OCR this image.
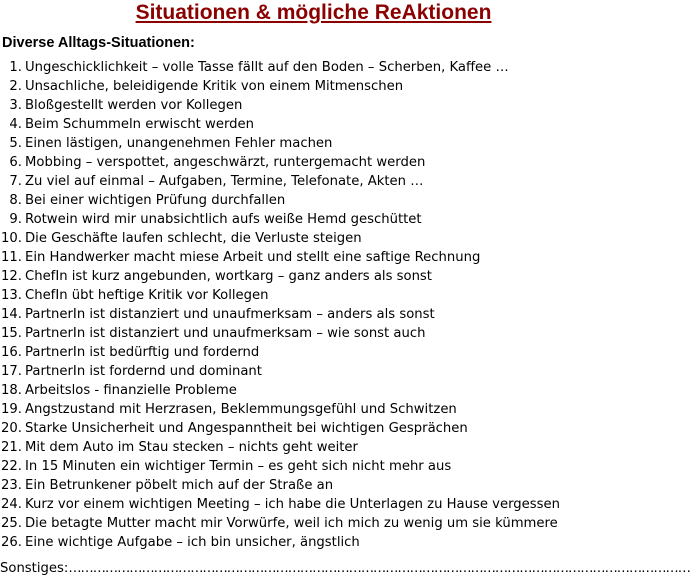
Situationen & mögliche ReAktionen
Diverse Alltags-Situationen:
1. Ungeschicklichkeit – volle Tasse fällt auf den Boden – Scherben, Kaffee …
2. Unsachliche, beleidigende Kritik von einem Mitmenschen
3. Bloßgestellt werden vor Kollegen
4. Beim Schummeln erwischt werden
5. Einen lästigen, unangenehmen Fehler machen
6. Mobbing – verspottet, angeschwärzt, runtergemacht werden
7. Zu viel auf einmal – Aufgaben, Termine, Telefonate, Akten …
8. Bei einer wichtigen Prüfung durchfallen
9. Rotwein wird mir unabsichtlich aufs weiße Hemd geschüttet
10. Die Geschäfte laufen schlecht, die Verluste steigen
11. Ein Handwerker macht miese Arbeit und stellt eine saftige Rechnung
12. ChefIn ist kurz angebunden, wortkarg – ganz anders als sonst
13. ChefIn übt heftige Kritik vor Kollegen
14. PartnerIn ist distanziert und unaufmerksam – anders als sonst
15. PartnerIn ist distanziert und unaufmerksam – wie sonst auch
16. PartnerIn ist bedürftig und fordernd
17. PartnerIn ist fordernd und dominant
18. Arbeitslos - finanzielle Probleme
19. Angstzustand mit Herzrasen, Beklemmungsgefühl und Schwitzen
20. Starke Unsicherheit und Angespanntheit bei wichtigen Gesprächen
21. Mit dem Auto im Stau stecken – nichts geht weiter
22. In 15 Minuten ein wichtiger Termin – es geht sich nicht mehr aus
23. Ein Betrunkener pöbelt mich auf der Straße an
24. Kurz vor einem wichtigen Meeting – ich habe die Unterlagen zu Hause vergessen
25. Die betagte Mutter macht mir Vorwürfe, weil ich mich zu wenig um sie kümmere
26. Eine wichtige Aufgabe – ich bin unsicher, ängstlich
Sonstiges: ………………………………………………………………………………………………………………………………………
